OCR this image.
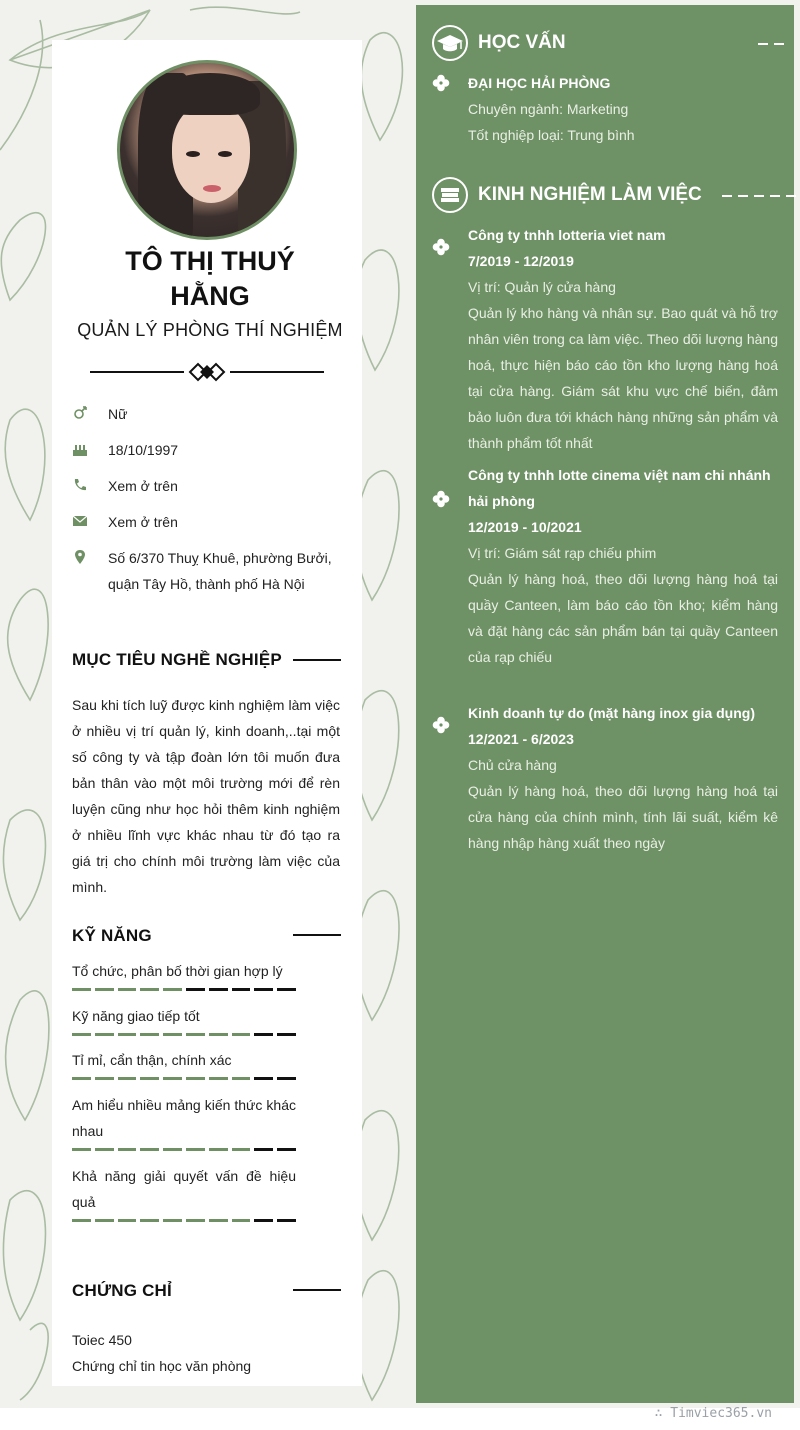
TÔ THỊ THUÝ HẰNG
QUẢN LÝ PHÒNG THÍ NGHIỆM
Nữ
18/10/1997
Xem ở trên
Xem ở trên
Số 6/370 Thuỵ Khuê, phường Bưởi, quận Tây Hồ, thành phố Hà Nội
MỤC TIÊU NGHỀ NGHIỆP
Sau khi tích luỹ được kinh nghiệm làm việc ở nhiều vị trí quản lý, kinh doanh,..tại một số công ty và tập đoàn lớn tôi muốn đưa bản thân vào một môi trường mới để rèn luyện cũng như học hỏi thêm kinh nghiệm ở nhiều lĩnh vực khác nhau từ đó tạo ra giá trị cho chính môi trường làm việc của mình.
KỸ NĂNG
Tổ chức, phân bố thời gian hợp lý
Kỹ năng giao tiếp tốt
Tỉ mỉ, cẩn thận, chính xác
Am hiểu nhiều mảng kiến thức khác nhau
Khả năng giải quyết vấn đề hiệu quả
CHỨNG CHỈ
Toiec 450
Chứng chỉ tin học văn phòng
HỌC VẤN
ĐẠI HỌC HẢI PHÒNG
Chuyên ngành: Marketing
Tốt nghiệp loại: Trung bình
KINH NGHIỆM LÀM VIỆC
Công ty tnhh lotteria viet nam
7/2019 - 12/2019
Vị trí: Quản lý cửa hàng
Quản lý kho hàng và nhân sự. Bao quát và hỗ trợ nhân viên trong ca làm việc. Theo dõi lượng hàng hoá, thực hiện báo cáo tồn kho lượng hàng hoá tại cửa hàng. Giám sát khu vực chế biến, đảm bảo luôn đưa tới khách hàng những sản phẩm và thành phẩm tốt nhất
Công ty tnhh lotte cinema việt nam chi nhánh hải phòng
12/2019 - 10/2021
Vị trí: Giám sát rạp chiếu phim
Quản lý hàng hoá, theo dõi lượng hàng hoá tại quầy Canteen, làm báo cáo tồn kho; kiểm hàng và đặt hàng các sản phẩm bán tại quầy Canteen của rạp chiếu
Kinh doanh tự do (mặt hàng inox gia dụng)
12/2021 - 6/2023
Chủ cửa hàng
Quản lý hàng hoá, theo dõi lượng hàng hoá tại cửa hàng của chính mình, tính lãi suất, kiểm kê hàng nhập hàng xuất theo ngày
∴ Timviec365.vn
